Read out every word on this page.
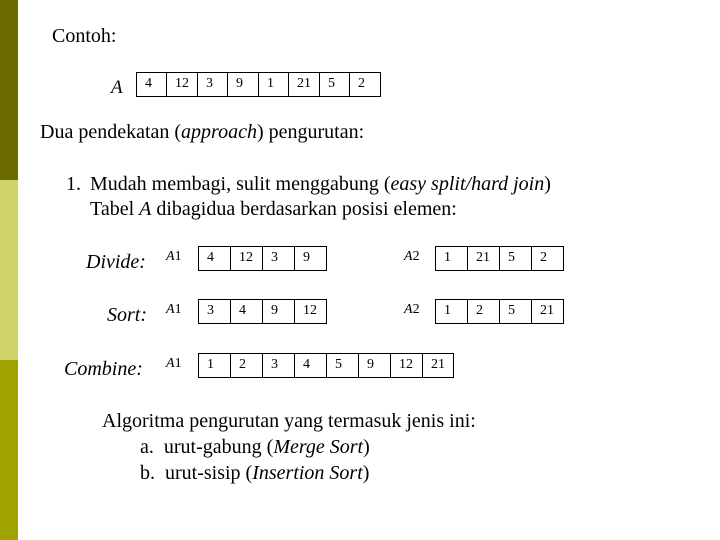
Contoh:
A	4	12	3	9	1	21	5	2
Dua pendekatan (approach) pengurutan:
1. Mudah membagi, sulit menggabung (easy split/hard join)
Tabel A dibagidua berdasarkan posisi elemen:
Divide: A1	4	12	3	9	A2	1	21	5	2
Sort: A1	3	4	9	12	A2	1	2	5	21
Combine: A1	1	2	3	4	5	9	12	21
Algoritma pengurutan yang termasuk jenis ini:
a. urut-gabung (Merge Sort)
b. urut-sisip (Insertion Sort)
